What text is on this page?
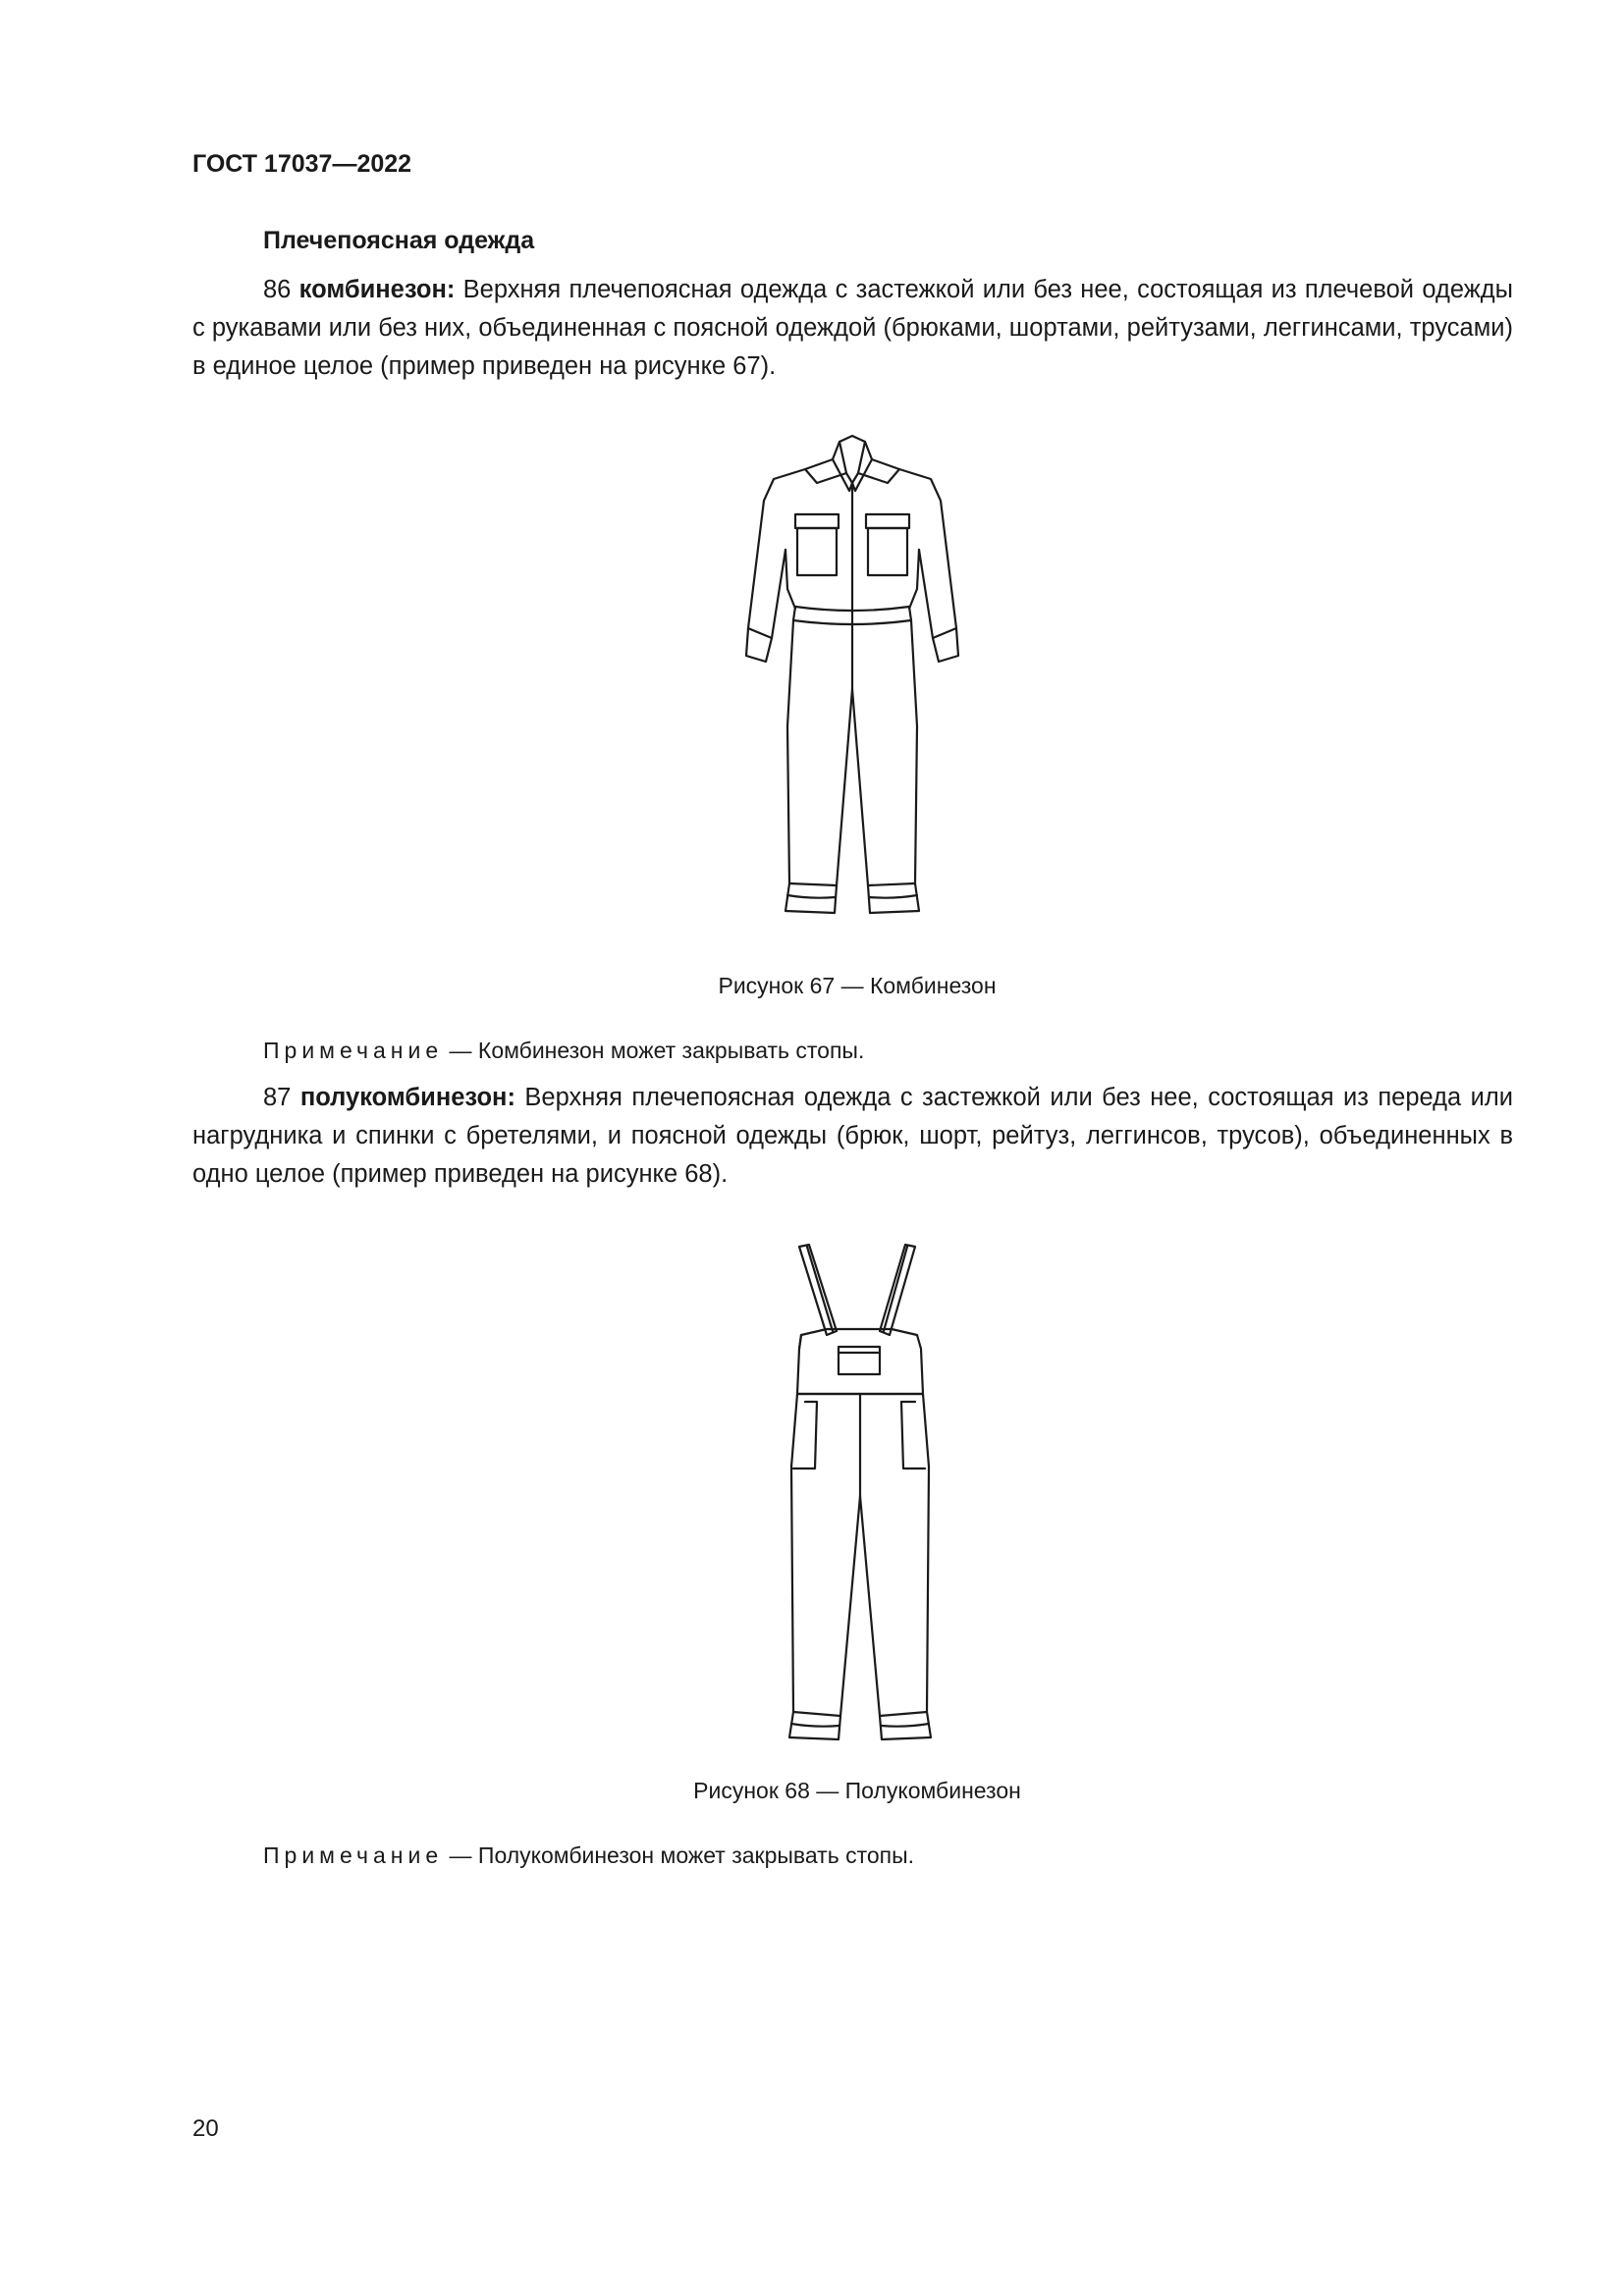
ГОСТ 17037—2022
Плечепоясная одежда

86 комбинезон: Верхняя плечепоясная одежда с застежкой или без нее, состоящая из плечевой одежды с рукавами или без них, объединенная с поясной одеждой (брюками, шортами, рейтузами, леггинсами, трусами) в единое целое (пример приведен на рисунке 67).

Рисунок 67 — Комбинезон
Примечание — Комбинезон может закрывать стопы.

87 полукомбинезон: Верхняя плечепоясная одежда с застежкой или без нее, состоящая из переда или нагрудника и спинки с бретелями, и поясной одежды (брюк, шорт, рейтуз, леггинсов, трусов), объединенных в одно целое (пример приведен на рисунке 68).

Рисунок 68 — Полукомбинезон
Примечание — Полукомбинезон может закрывать стопы.
20
